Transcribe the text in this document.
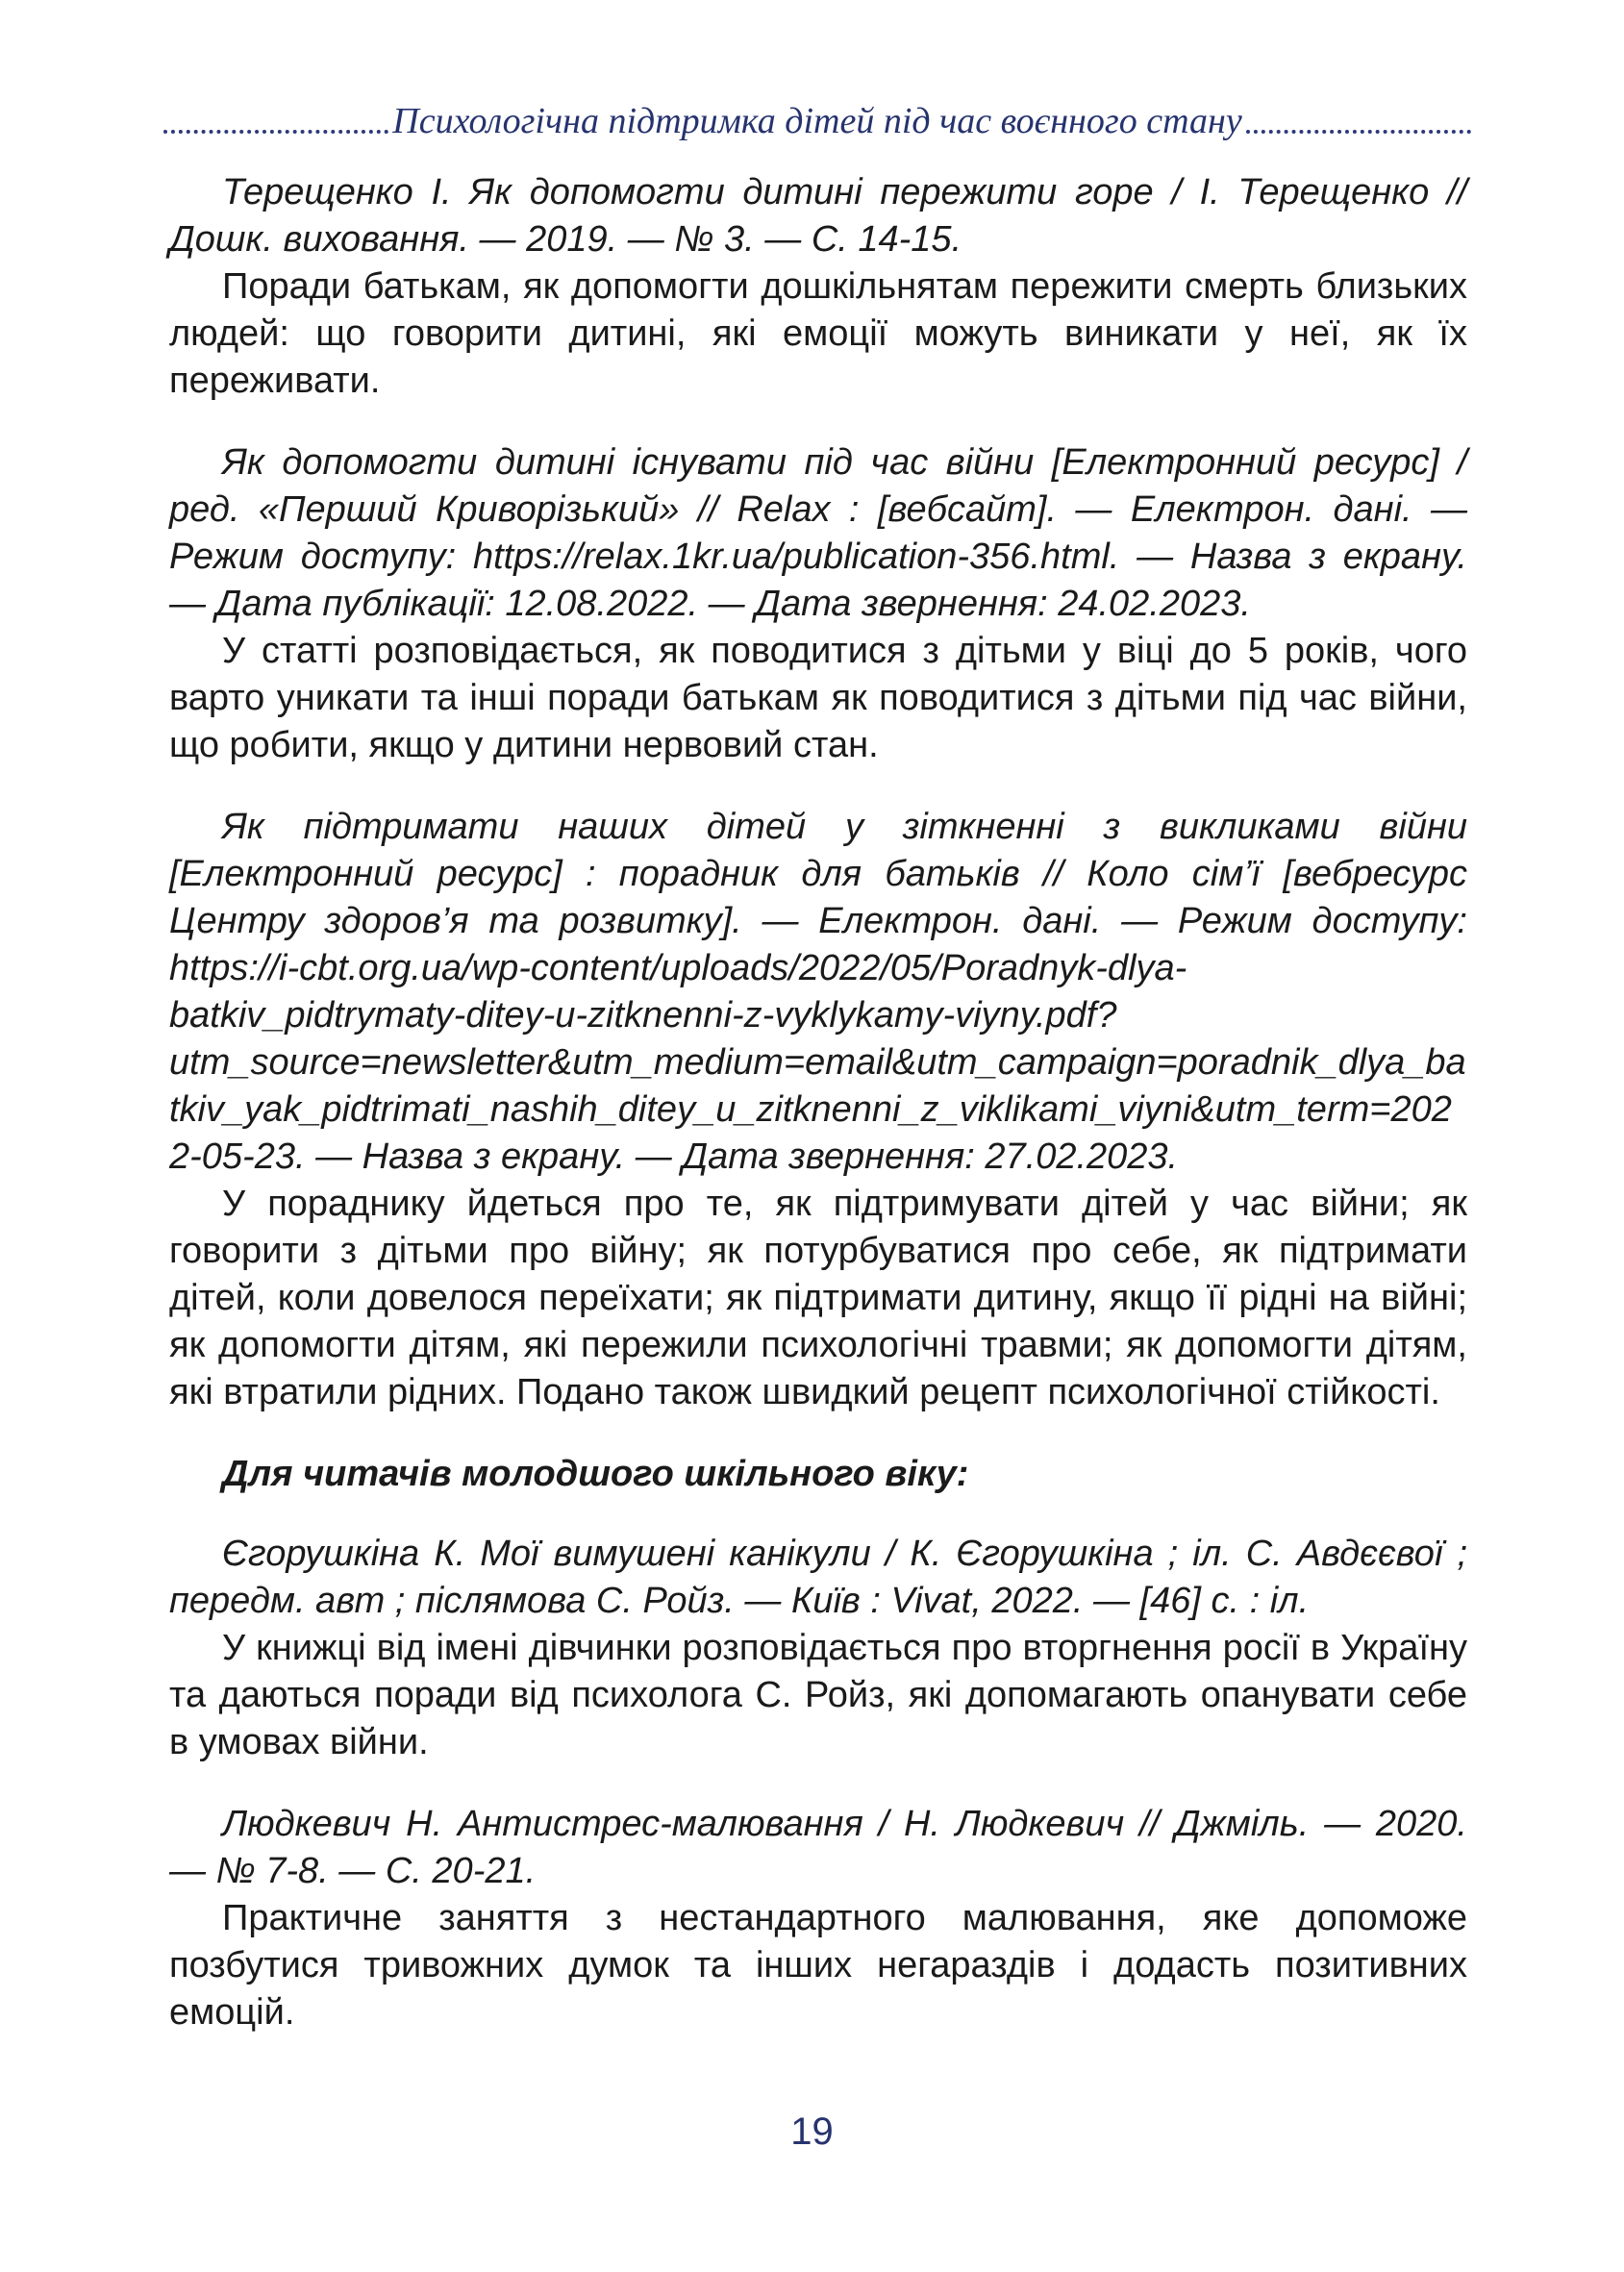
Психологічна підтримка дітей під час воєнного стану

Терещенко І. Як допомогти дитині пережити горе / І. Терещенко // Дошк. виховання. — 2019. — № 3. — С. 14-15.

Поради батькам, як допомогти дошкільнятам пережити смерть близьких людей: що говорити дитині, які емоції можуть виникати у неї, як їх переживати.

Як допомогти дитині існувати під час війни [Електронний ресурс] / ред. «Перший Криворізький» // Relax : [вебсайт]. — Електрон. дані. — Режим доступу: https://relax.1kr.ua/publication-356.html. — Назва з екрану. — Дата публікації: 12.08.2022. — Дата звернення: 24.02.2023.

У статті розповідається, як поводитися з дітьми у віці до 5 років, чого варто уникати та інші поради батькам як поводитися з дітьми під час війни, що робити, якщо у дитини нервовий стан.

Як підтримати наших дітей у зіткненні з викликами війни [Електронний ресурс] : порадник для батьків // Коло сім’ї [вебресурс Центру здоров’я та розвитку]. — Електрон. дані. — Режим доступу: https://i-cbt.org.ua/wp-content/uploads/2022/05/Poradnyk-dlya-batkiv_pidtrymaty-ditey-u-zitknenni-z-vyklykamy-viyny.pdf?utm_source=newsletter&utm_medium=email&utm_campaign=poradnik_dlya_batkiv_yak_pidtrimati_nashih_ditey_u_zitknenni_z_viklikami_viyni&utm_term=2022-05-23. — Назва з екрану. — Дата звернення: 27.02.2023.

У пораднику йдеться про те, як підтримувати дітей у час війни; як говорити з дітьми про війну; як потурбуватися про себе, як підтримати дітей, коли довелося переїхати; як підтримати дитину, якщо її рідні на війні; як допомогти дітям, які пережили психологічні травми; як допомогти дітям, які втратили рідних. Подано також швидкий рецепт психологічної стійкості.

Для читачів молодшого шкільного віку:

Єгорушкіна К. Мої вимушені канікули / К. Єгорушкіна ; іл. С. Авдєєвої ; передм. авт ; післямова С. Ройз. — Київ : Vivat, 2022. — [46] с. : іл.

У книжці від імені дівчинки розповідається про вторгнення росії в Україну та даються поради від психолога С. Ройз, які допомагають опанувати себе в умовах війни.

Людкевич Н. Антистрес-малювання / Н. Людкевич // Джміль. — 2020. — № 7-8. — С. 20-21.

Практичне заняття з нестандартного малювання, яке допоможе позбутися тривожних думок та інших негараздів і додасть позитивних емоцій.

19
